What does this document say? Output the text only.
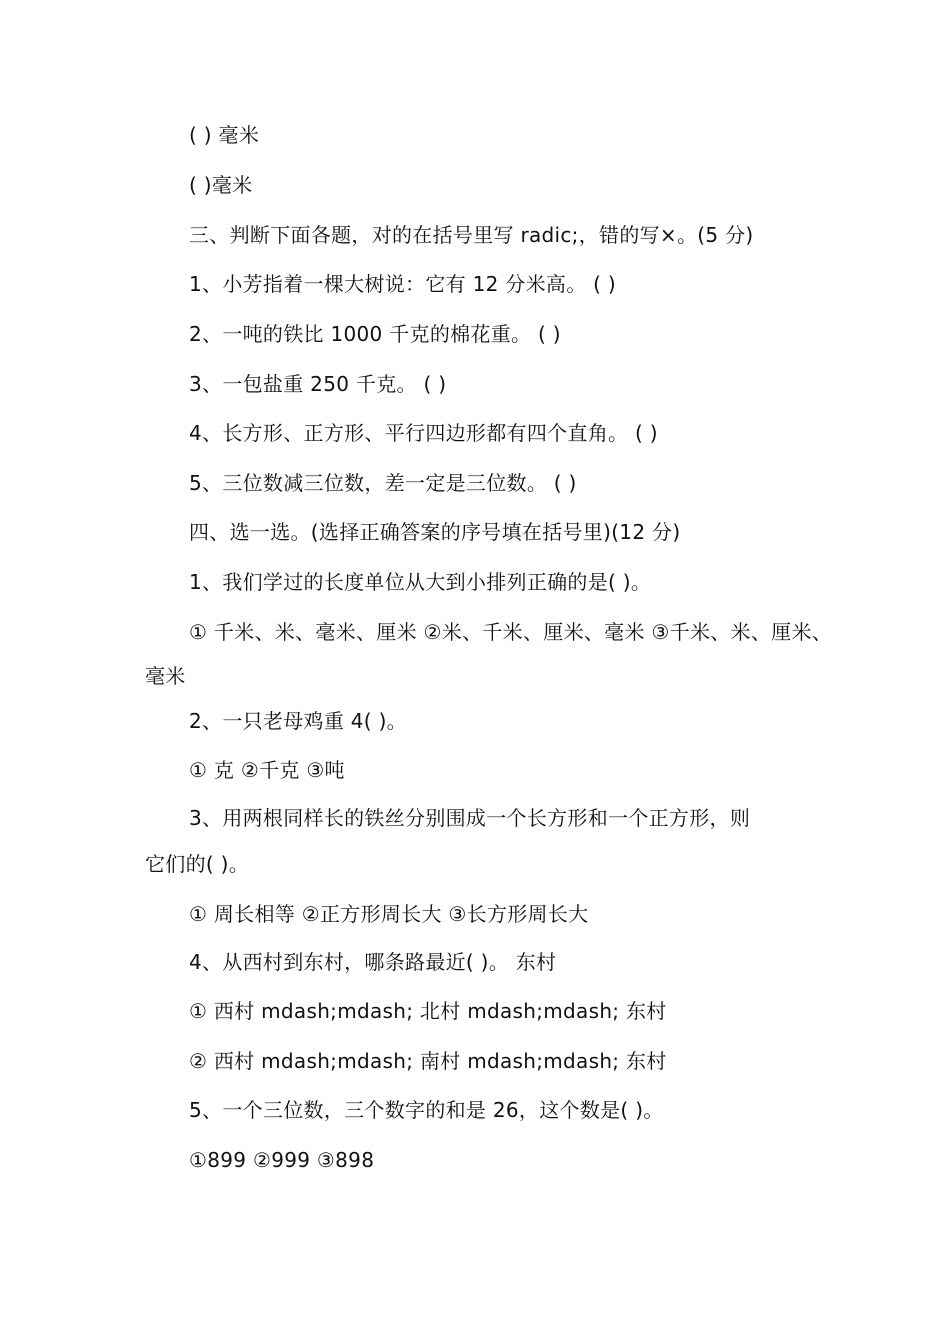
( ) 毫米
( )毫米
三、判断下面各题，对的在括号里写 radic;，错的写×。(5 分)
1、小芳指着一棵大树说：它有 12 分米高。 ( )
2、一吨的铁比 1000 千克的棉花重。 ( )
3、一包盐重 250 千克。 ( )
4、长方形、正方形、平行四边形都有四个直角。 ( )
5、三位数减三位数，差一定是三位数。 ( )
四、选一选。(选择正确答案的序号填在括号里)(12 分)
1、我们学过的长度单位从大到小排列正确的是( )。
① 千米、米、毫米、厘米 ②米、千米、厘米、毫米 ③千米、米、厘米、
毫米
2、一只老母鸡重 4( )。
① 克 ②千克 ③吨
3、用两根同样长的铁丝分别围成一个长方形和一个正方形，则
它们的( )。
① 周长相等 ②正方形周长大 ③长方形周长大
4、从西村到东村，哪条路最近( )。 东村
① 西村 mdash;mdash; 北村 mdash;mdash; 东村
② 西村 mdash;mdash; 南村 mdash;mdash; 东村
5、一个三位数，三个数字的和是 26，这个数是( )。
①899 ②999 ③898
